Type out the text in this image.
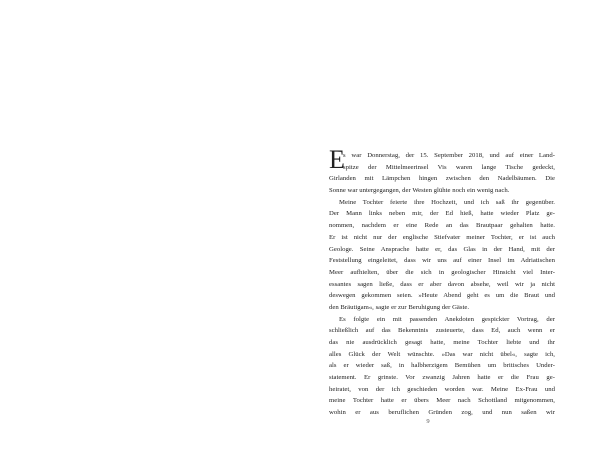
E
s war Donnerstag, der 15. September 2018, und auf einer Land-
spitze der Mittelmeerinsel Vis waren lange Tische gedeckt,
Girlanden mit Lämpchen hingen zwischen den Nadelbäumen. Die
Sonne war untergegangen, der Westen glühte noch ein wenig nach.
Meine Tochter feierte ihre Hochzeit, und ich saß ihr gegenüber.
Der Mann links neben mir, der Ed hieß, hatte wieder Platz ge-
nommen, nachdem er eine Rede an das Brautpaar gehalten hatte.
Er ist nicht nur der englische Stiefvater meiner Tochter, er ist auch
Geologe. Seine Ansprache hatte er, das Glas in der Hand, mit der
Feststellung eingeleitet, dass wir uns auf einer Insel im Adriatischen
Meer aufhielten, über die sich in geologischer Hinsicht viel Inter-
essantes sagen ließe, dass er aber davon absehe, weil wir ja nicht
deswegen gekommen seien. »Heute Abend geht es um die Braut und
den Bräutigam«, sagte er zur Beruhigung der Gäste.
Es folgte ein mit passenden Anekdoten gespickter Vortrag, der
schließlich auf das Bekenntnis zusteuerte, dass Ed, auch wenn er
das nie ausdrücklich gesagt hatte, meine Tochter liebte und ihr
alles Glück der Welt wünschte. »Das war nicht übel«, sagte ich,
als er wieder saß, in halbherzigem Bemühen um britisches Under-
statement. Er grinste. Vor zwanzig Jahren hatte er die Frau ge-
heiratet, von der ich geschieden worden war. Meine Ex-Frau und
meine Tochter hatte er übers Meer nach Schottland mitgenommen,
wohin er aus beruflichen Gründen zog, und nun saßen wir
9
